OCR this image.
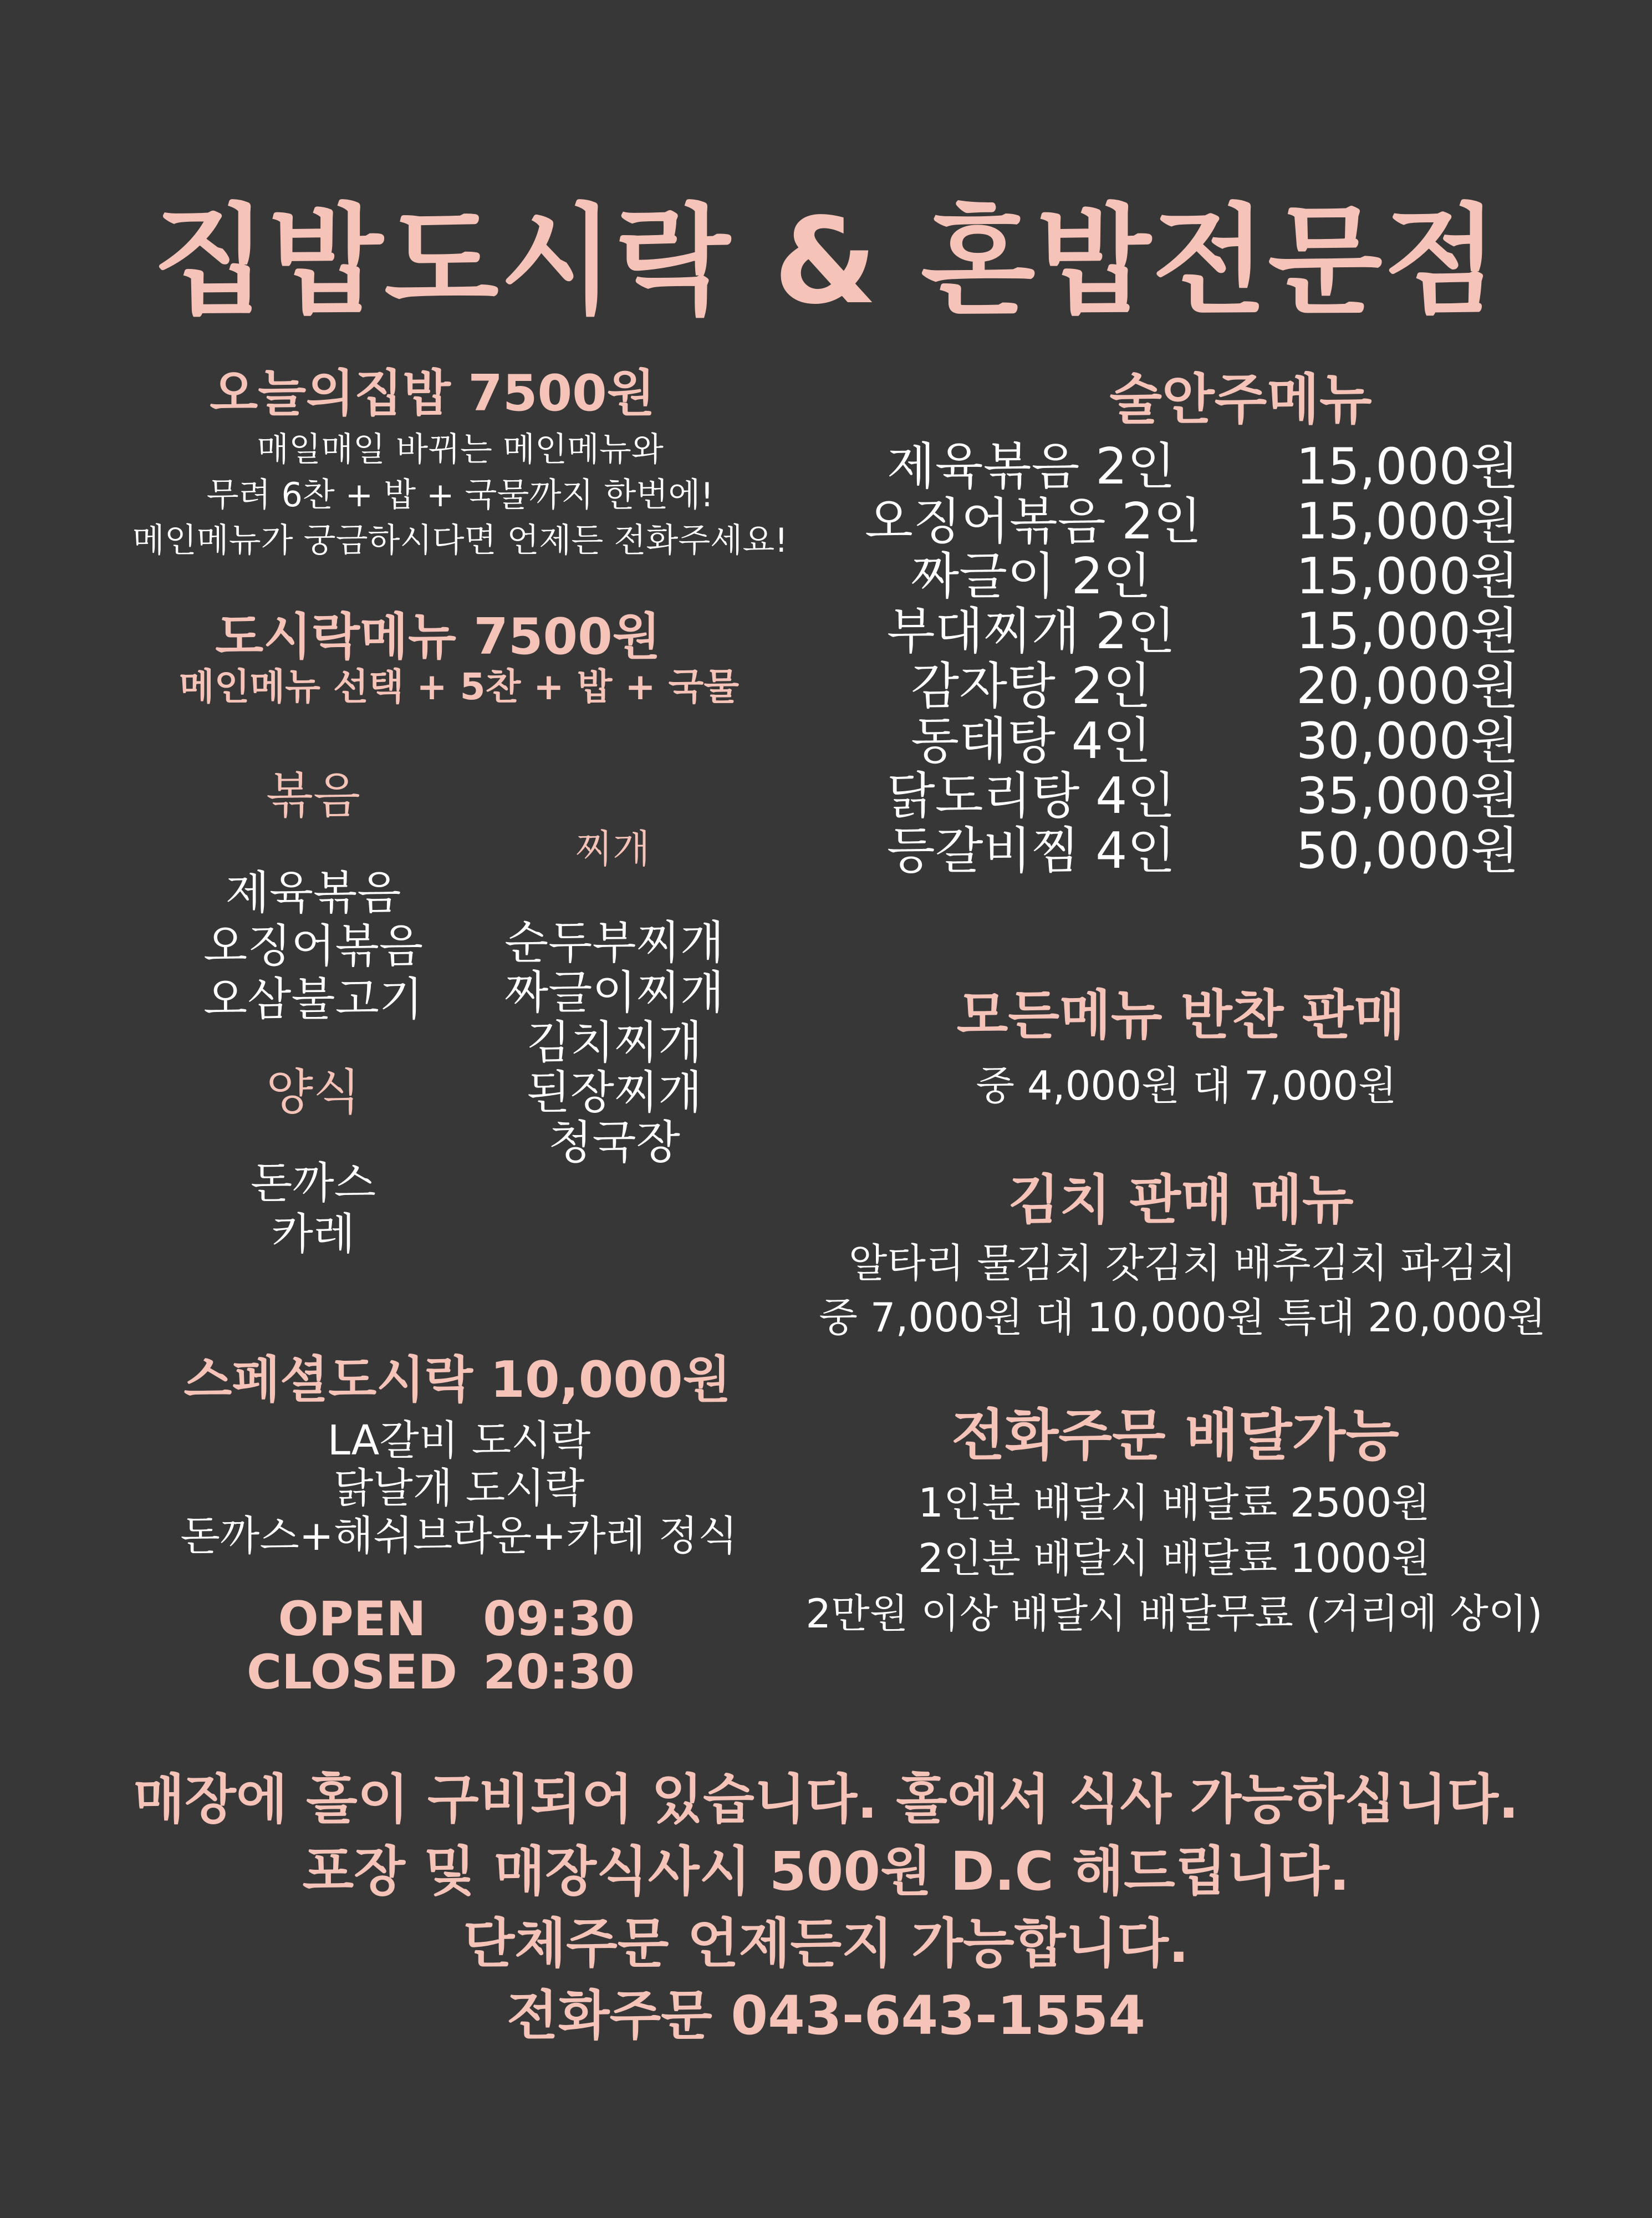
집밥도시락 & 혼밥전문점
오늘의집밥 7500원
매일매일 바뀌는 메인메뉴와
무려 6찬 + 밥 + 국물까지 한번에!
메인메뉴가 궁금하시다면 언제든 전화주세요!
도시락메뉴 7500원
메인메뉴 선택 + 5찬 + 밥 + 국물
볶음
제육볶음
오징어볶음
오삼불고기
찌개
순두부찌개
짜글이찌개
김치찌개
된장찌개
청국장
양식
돈까스
카레
스페셜도시락 10,000원
LA갈비 도시락
닭날개 도시락
돈까스+해쉬브라운+카레 정식
OPEN	09:30
CLOSED 20:30
술안주메뉴
제육볶음 2인	15,000원
오징어볶음 2인 15,000원
짜글이 2인	15,000원
부대찌개 2인	15,000원
감자탕 2인	20,000원
동태탕 4인	30,000원
닭도리탕 4인	35,000원
등갈비찜 4인	50,000원
모든메뉴 반찬 판매
중 4,000원 대 7,000원
김치 판매 메뉴
알타리 물김치 갓김치 배추김치 파김치
중 7,000원 대 10,000원 특대 20,000원
전화주문 배달가능
1인분 배달시 배달료 2500원
2인분 배달시 배달료 1000원
2만원 이상 배달시 배달무료 (거리에 상이)
매장에 홀이 구비되어 있습니다. 홀에서 식사 가능하십니다.
포장 및 매장식사시 500원 D.C 해드립니다.
단체주문 언제든지 가능합니다.
전화주문 043-643-1554
